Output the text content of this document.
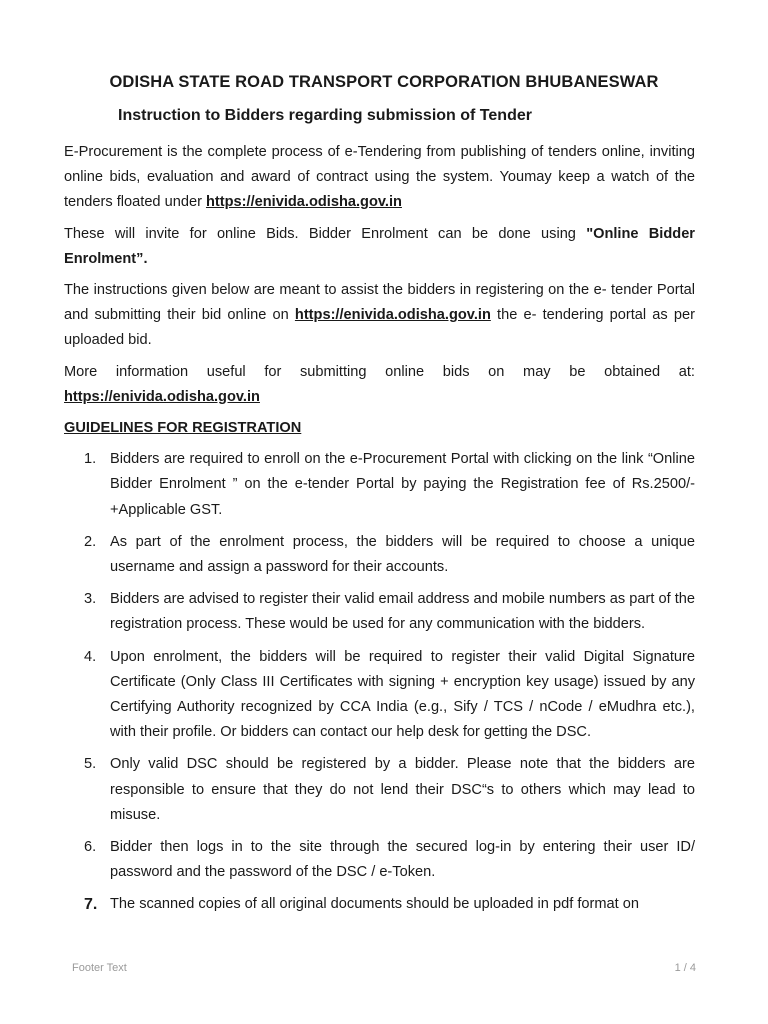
ODISHA STATE ROAD TRANSPORT CORPORATION BHUBANESWAR
Instruction to Bidders regarding submission of Tender

E-Procurement is the complete process of e-Tendering from publishing of tenders online, inviting online bids, evaluation and award of contract using the system. Youmay keep a watch of the tenders floated under https://enivida.odisha.gov.in

These will invite for online Bids. Bidder Enrolment can be done using "Online Bidder Enrolment”.

The instructions given below are meant to assist the bidders in registering on the e- tender Portal and submitting their bid online on https://enivida.odisha.gov.in the e- tendering portal as per uploaded bid.

More information useful for submitting online bids on may be obtained at:

https://enivida.odisha.gov.in

GUIDELINES FOR REGISTRATION
1. Bidders are required to enroll on the e-Procurement Portal with clicking on the link “Online Bidder Enrolment ” on the e-tender Portal by paying the Registration fee of Rs.2500/- +Applicable GST.
2. As part of the enrolment process, the bidders will be required to choose a unique username and assign a password for their accounts.
3. Bidders are advised to register their valid email address and mobile numbers as part of the registration process. These would be used for any communication with the bidders.
4. Upon enrolment, the bidders will be required to register their valid Digital Signature Certificate (Only Class III Certificates with signing + encryption key usage) issued by any Certifying Authority recognized by CCA India (e.g., Sify / TCS / nCode / eMudhra etc.), with their profile. Or bidders can contact our help desk for getting the DSC.
5. Only valid DSC should be registered by a bidder. Please note that the bidders are responsible to ensure that they do not lend their DSC“s to others which may lead to misuse.
6. Bidder then logs in to the site through the secured log-in by entering their user ID/ password and the password of the DSC / e-Token.
7. The scanned copies of all original documents should be uploaded in pdf format on
Footer Text	1 / 4
